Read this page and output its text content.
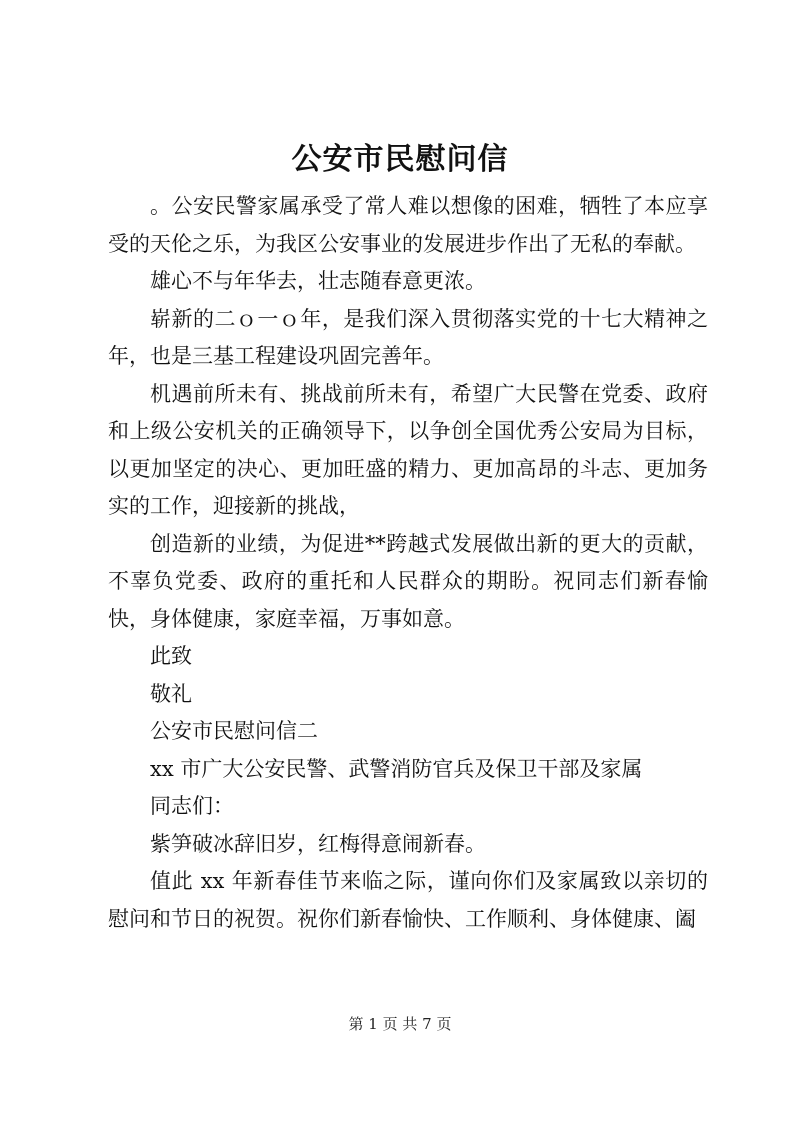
公安市民慰问信

。公安民警家属承受了常人难以想像的困难，牺牲了本应享受的天伦之乐，为我区公安事业的发展进步作出了无私的奉献。

雄心不与年华去，壮志随春意更浓。

崭新的二ｏ一ｏ年，是我们深入贯彻落实党的十七大精神之年，也是三基工程建设巩固完善年。

机遇前所未有、挑战前所未有，希望广大民警在党委、政府和上级公安机关的正确领导下，以争创全国优秀公安局为目标，以更加坚定的决心、更加旺盛的精力、更加高昂的斗志、更加务实的工作，迎接新的挑战，

创造新的业绩，为促进**跨越式发展做出新的更大的贡献，不辜负党委、政府的重托和人民群众的期盼。祝同志们新春愉快，身体健康，家庭幸福，万事如意。

此致

敬礼

公安市民慰问信二

xx 市广大公安民警、武警消防官兵及保卫干部及家属

同志们：

紫笋破冰辞旧岁，红梅得意闹新春。

值此 xx 年新春佳节来临之际，谨向你们及家属致以亲切的慰问和节日的祝贺。祝你们新春愉快、工作顺利、身体健康、阖

第 1 页 共 7 页
